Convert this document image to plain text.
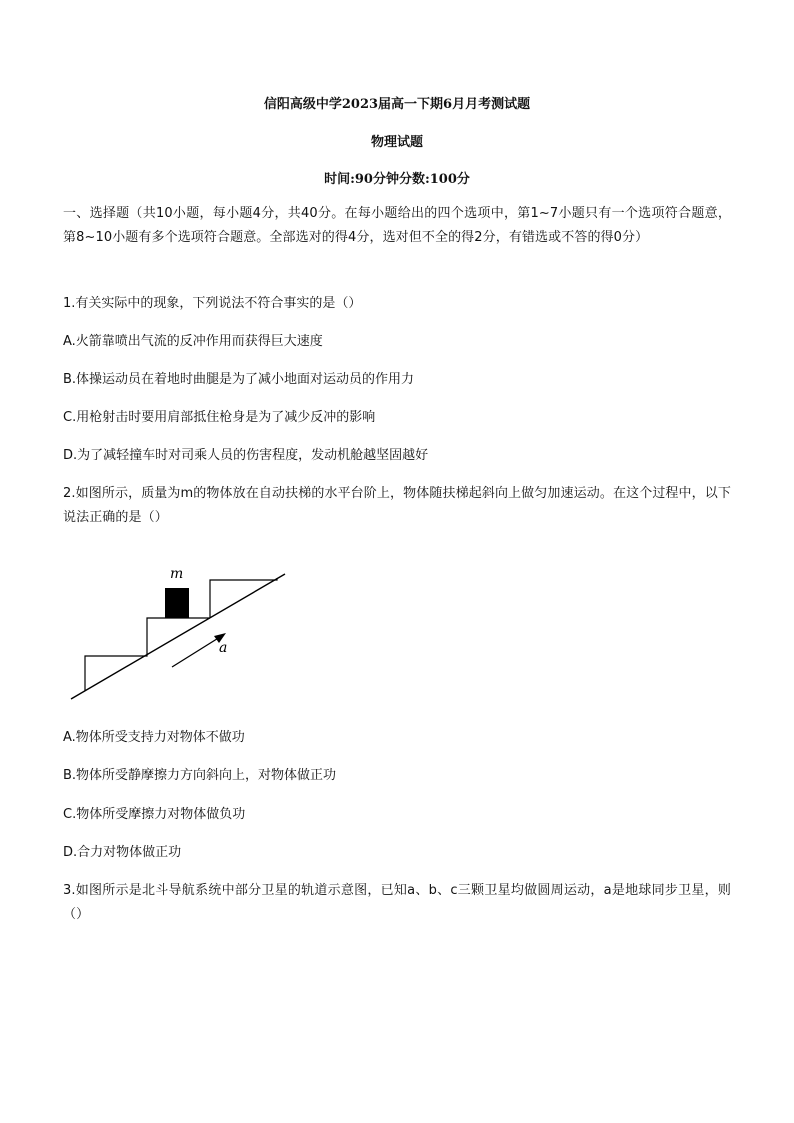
信阳高级中学2023届高一下期6月月考测试题
物理试题
时间:90分钟分数:100分
一、选择题（共10小题，每小题4分，共40分。在每小题给出的四个选项中，第1~7小题只有一个选项符合题意，第8~10小题有多个选项符合题意。全部选对的得4分，选对但不全的得2分，有错选或不答的得0分）
1.有关实际中的现象，下列说法不符合事实的是（）
A.火箭靠喷出气流的反冲作用而获得巨大速度
B.体操运动员在着地时曲腿是为了减小地面对运动员的作用力
C.用枪射击时要用肩部抵住枪身是为了减少反冲的影响
D.为了减轻撞车时对司乘人员的伤害程度，发动机舱越坚固越好
2.如图所示，质量为m的物体放在自动扶梯的水平台阶上，物体随扶梯起斜向上做匀加速运动。在这个过程中，以下说法正确的是（）
m
a
A.物体所受支持力对物体不做功
B.物体所受静摩擦力方向斜向上，对物体做正功
C.物体所受摩擦力对物体做负功
D.合力对物体做正功
3.如图所示是北斗导航系统中部分卫星的轨道示意图，已知a、b、c三颗卫星均做圆周运动，a是地球同步卫星，则（）
